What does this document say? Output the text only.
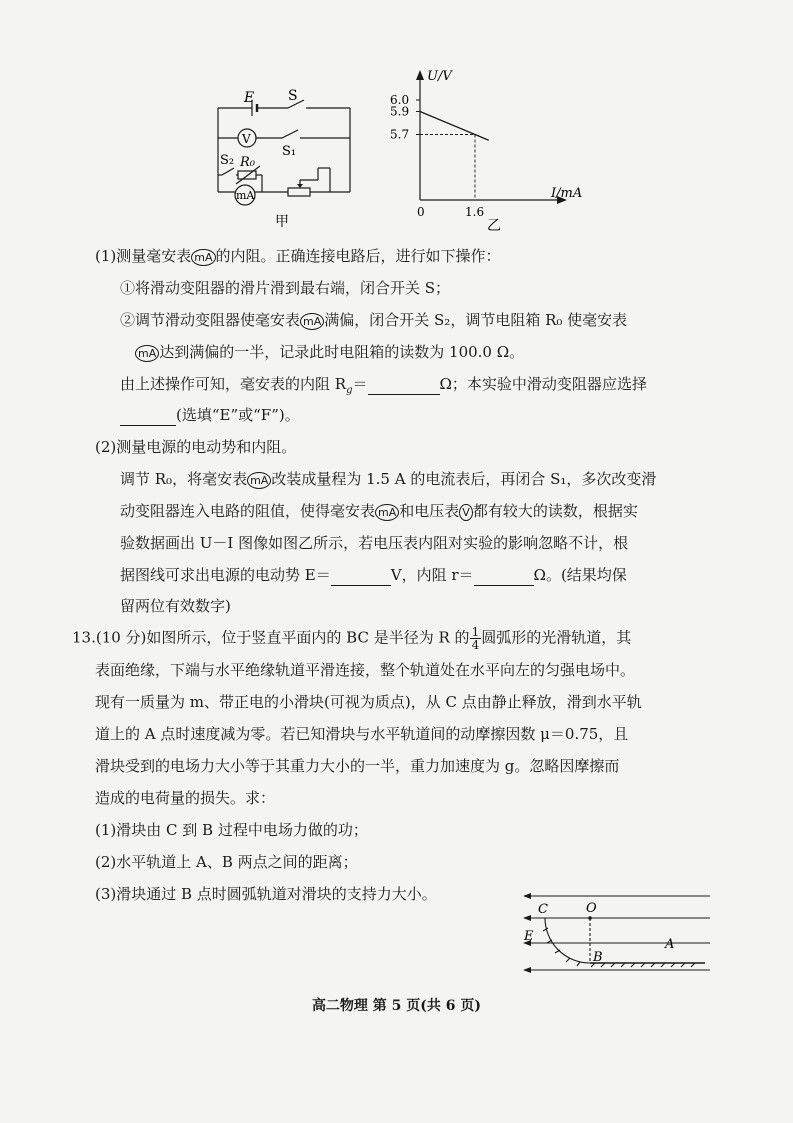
E S
V
S₁
S₂ R₀
mA
甲
6.0
5.9
5.7
0	1.6
U/V
I/mA
乙
(1)测量毫安表 mA 的内阻。正确连接电路后，进行如下操作：
①将滑动变阻器的滑片滑到最右端，闭合开关 S；
②调节滑动变阻器使毫安表 mA 满偏，闭合开关 S₂，调节电阻箱 R₀ 使毫安表
mA 达到满偏的一半，记录此时电阻箱的读数为 100.0 Ω。
由上述操作可知，毫安表的内阻 $R_g=$	Ω；本实验中滑动变阻器应选择
(选填“E”或“F”)。
(2)测量电源的电动势和内阻。
调节 R₀，将毫安表 mA 改装成量程为 1.5 A 的电流表后，再闭合 S₁，多次改变滑
动变阻器连入电路的阻值，使得毫安表 mA 和电压表 V 都有较大的读数，根据实
验数据画出 U－I 图像如图乙所示，若电压表内阻对实验的影响忽略不计，根
据图线可求出电源的电动势 E＝	V，内阻 r＝	Ω。(结果均保
留两位有效数字)
13.(10 分)如图所示，位于竖直平面内的 BC 是半径为 R 的 $\frac{1}{4}$ 圆弧形的光滑轨道，其
表面绝缘，下端与水平绝缘轨道平滑连接，整个轨道处在水平向左的匀强电场中。
现有一质量为 m、带正电的小滑块(可视为质点)，从 C 点由静止释放，滑到水平轨
道上的 A 点时速度减为零。若已知滑块与水平轨道间的动摩擦因数 μ＝0.75，且
滑块受到的电场力大小等于其重力大小的一半，重力加速度为 g。忽略因摩擦而
造成的电荷量的损失。求：
(1)滑块由 C 到 B 过程中电场力做的功；
(2)水平轨道上 A、B 两点之间的距离；
(3)滑块通过 B 点时圆弧轨道对滑块的支持力大小。
C	O
E
B
A
高二物理 第 5 页(共 6 页)
